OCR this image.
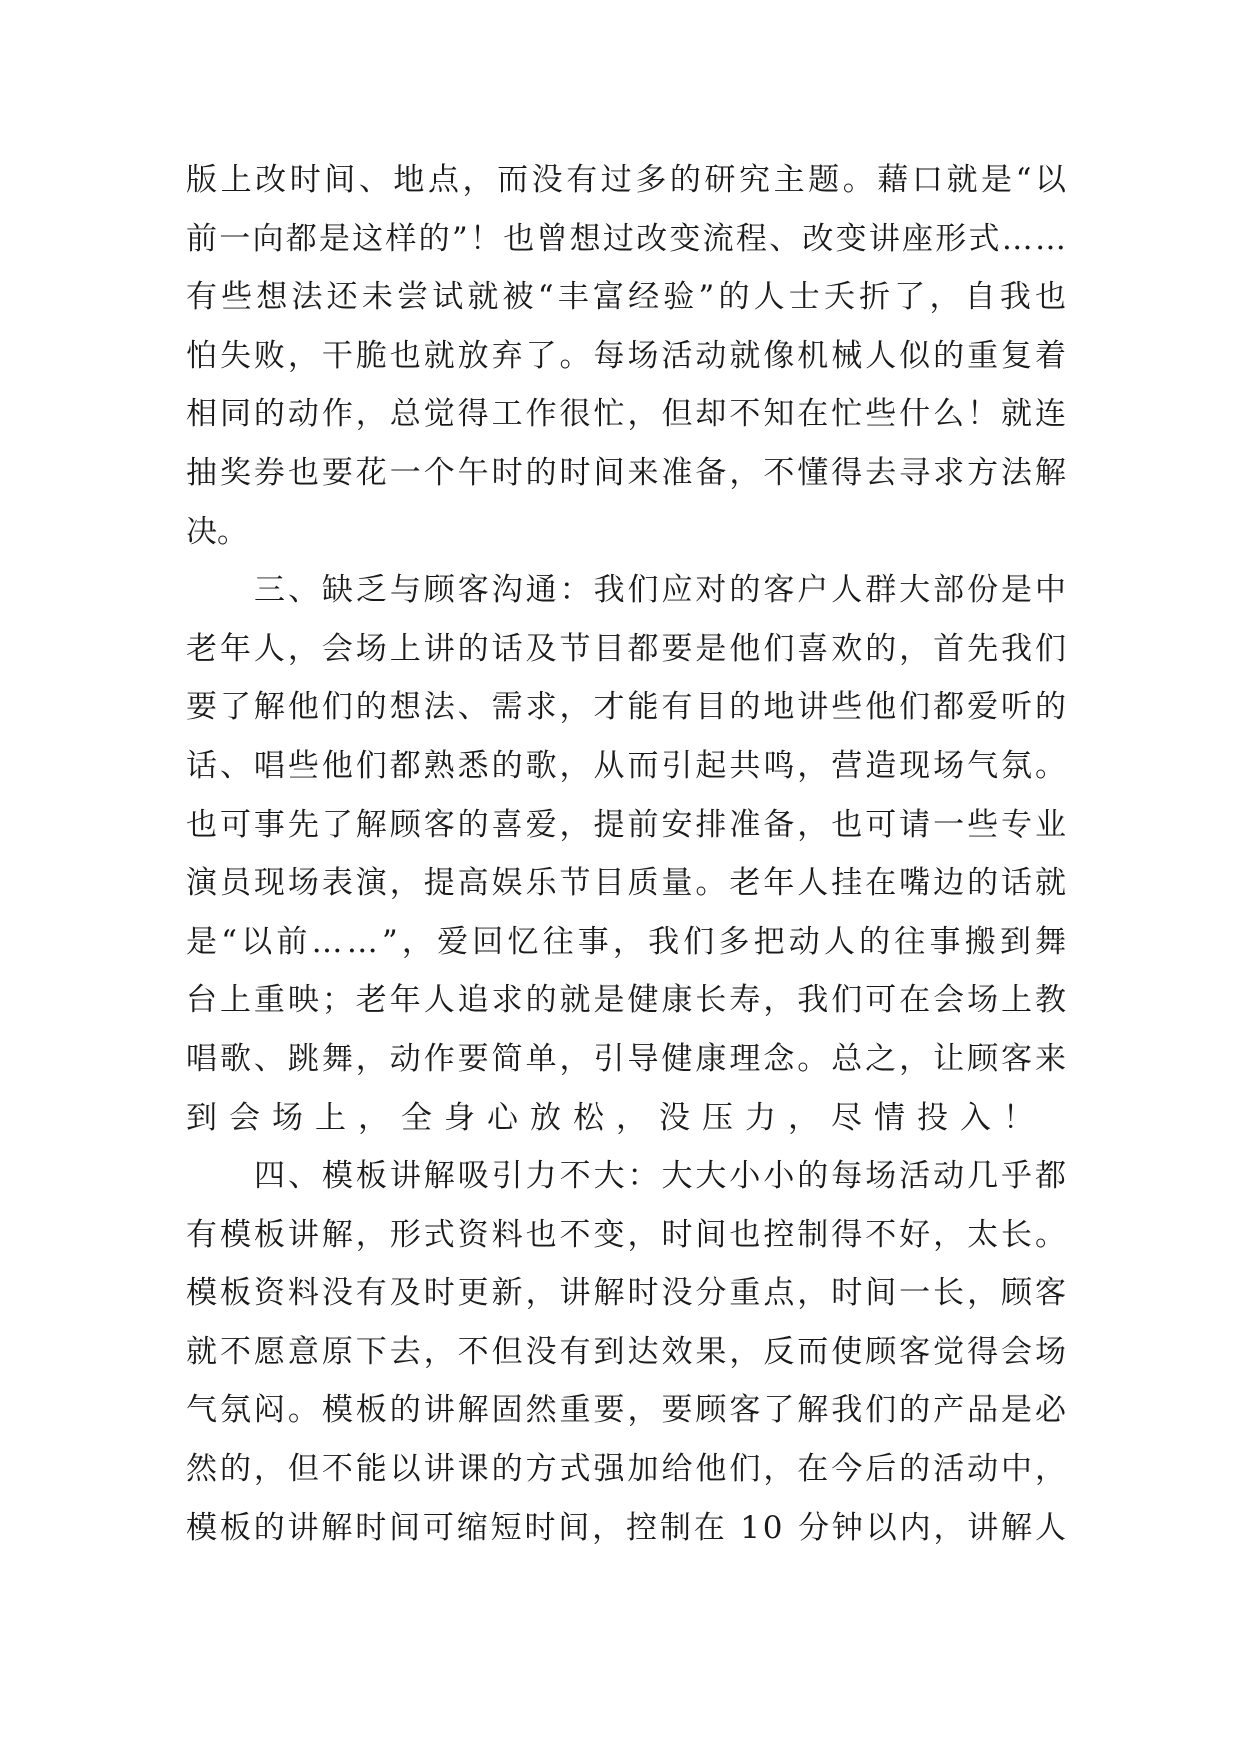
版上改时间、地点，而没有过多的研究主题。藉口就是“以
前一向都是这样的”！也曾想过改变流程、改变讲座形式……
有些想法还未尝试就被“丰富经验”的人士夭折了，自我也
怕失败，干脆也就放弃了。每场活动就像机械人似的重复着
相同的动作，总觉得工作很忙，但却不知在忙些什么！就连
抽奖券也要花一个午时的时间来准备，不懂得去寻求方法解
决。
三、缺乏与顾客沟通：我们应对的客户人群大部份是中
老年人，会场上讲的话及节目都要是他们喜欢的，首先我们
要了解他们的想法、需求，才能有目的地讲些他们都爱听的
话、唱些他们都熟悉的歌，从而引起共鸣，营造现场气氛。
也可事先了解顾客的喜爱，提前安排准备，也可请一些专业
演员现场表演，提高娱乐节目质量。老年人挂在嘴边的话就
是“以前……”，爱回忆往事，我们多把动人的往事搬到舞
台上重映；老年人追求的就是健康长寿，我们可在会场上教
唱歌、跳舞，动作要简单，引导健康理念。总之，让顾客来
到会场上，全身心放松，没压力，尽情投入！
四、模板讲解吸引力不大：大大小小的每场活动几乎都
有模板讲解，形式资料也不变，时间也控制得不好，太长。
模板资料没有及时更新，讲解时没分重点，时间一长，顾客
就不愿意原下去，不但没有到达效果，反而使顾客觉得会场
气氛闷。模板的讲解固然重要，要顾客了解我们的产品是必
然的，但不能以讲课的方式强加给他们，在今后的活动中，
模板的讲解时间可缩短时间，控制在 10 分钟以内，讲解人
